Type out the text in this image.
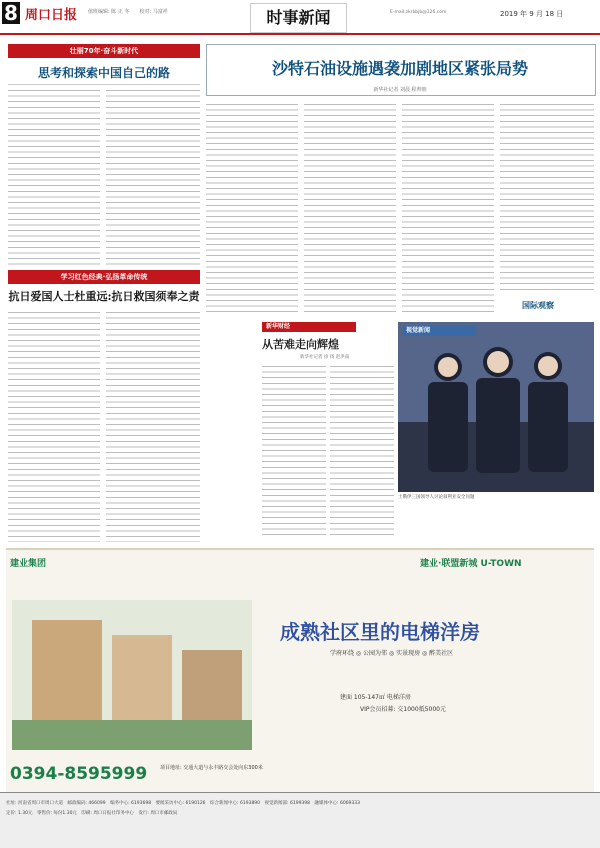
8 周口日报 值班编辑: 陈 正 冬　　校对: 马富祥	时事新闻	E-mail:zkrbbjb@126.com	2019 年 9 月 18 日
壮丽70年·奋斗新时代
思考和探索中国自己的路
学习红色经典·弘扬革命传统
抗日爱国人士杜重远:抗日救国须奉之责
沙特石油设施遇袭加剧地区紧张局势
新华社记者 刘晨 程帅朋
国际观察
新华财经
从苦难走向辉煌
新华社记者 徐 扬 赵洪南
视觉新闻
土俄伊三国领导人讨论叙利亚安全问题
建业集团	建业·联盟新城 U-TOWN
成熟社区里的电梯洋房
学府环绕 ◎ 公园为邻 ◎ 实景现房 ◎ 醉美社区
建面 105-147㎡ 电梯洋房
VIP会员招募: 交1000抵5000元
0394-8595999	项目地址: 交通大道与永丰路交会处向东300米
社址: 河南省周口市周口大道　邮政编码: 466099　编务中心: 6193698　要闻采访中心: 6190126　综合新闻中心: 6193890　视觉新闻部: 6199398　融媒体中心: 6069333
定价: 1.30元　零售价: 每份1.30元　印刷: 周口日报社印务中心　发行: 周口市邮政局
